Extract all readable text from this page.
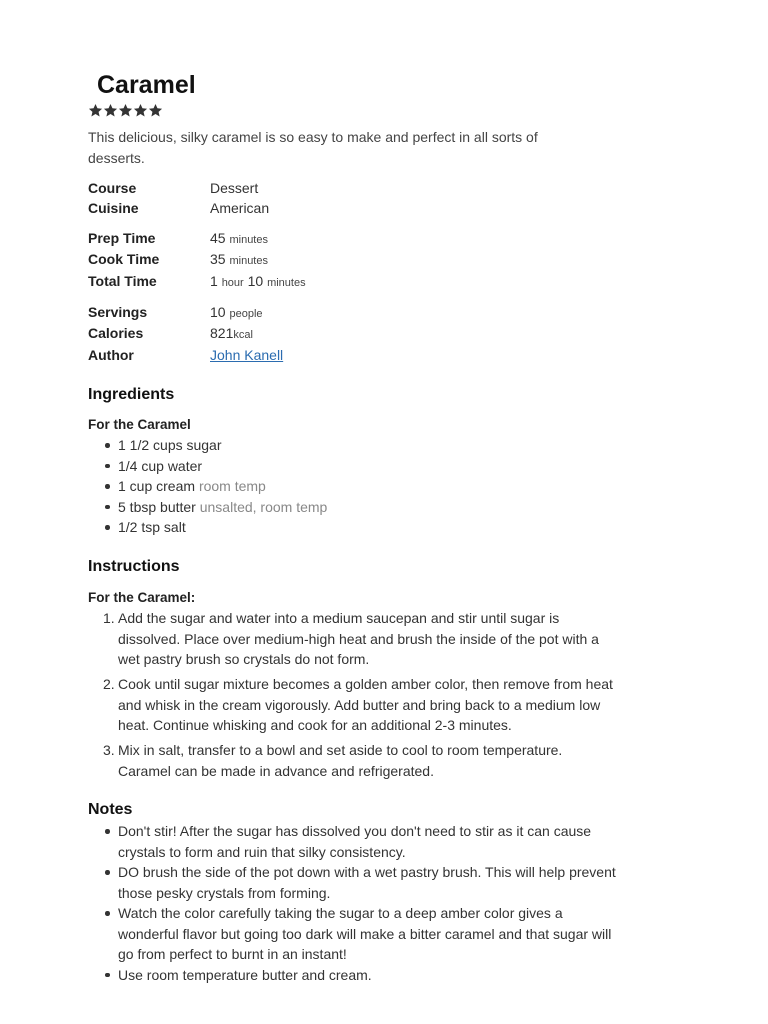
Caramel

This delicious, silky caramel is so easy to make and perfect in all sorts of desserts.

Course	Dessert
Cuisine	American
Prep Time	45 minutes
Cook Time	35 minutes
Total Time	1 hour 10 minutes
Servings	10 people
Calories	821kcal
Author	John Kanell
Ingredients
For the Caramel
1 1/2 cups sugar
1/4 cup water
1 cup cream room temp
5 tbsp butter unsalted, room temp
1/2 tsp salt
Instructions
For the Caramel:
1. Add the sugar and water into a medium saucepan and stir until sugar is dissolved. Place over medium-high heat and brush the inside of the pot with a wet pastry brush so crystals do not form.
2. Cook until sugar mixture becomes a golden amber color, then remove from heat and whisk in the cream vigorously. Add butter and bring back to a medium low heat. Continue whisking and cook for an additional 2-3 minutes.
3. Mix in salt, transfer to a bowl and set aside to cool to room temperature. Caramel can be made in advance and refrigerated.
Notes
Don't stir! After the sugar has dissolved you don't need to stir as it can cause crystals to form and ruin that silky consistency.
DO brush the side of the pot down with a wet pastry brush. This will help prevent those pesky crystals from forming.
Watch the color carefully taking the sugar to a deep amber color gives a wonderful flavor but going too dark will make a bitter caramel and that sugar will go from perfect to burnt in an instant!
Use room temperature butter and cream.
